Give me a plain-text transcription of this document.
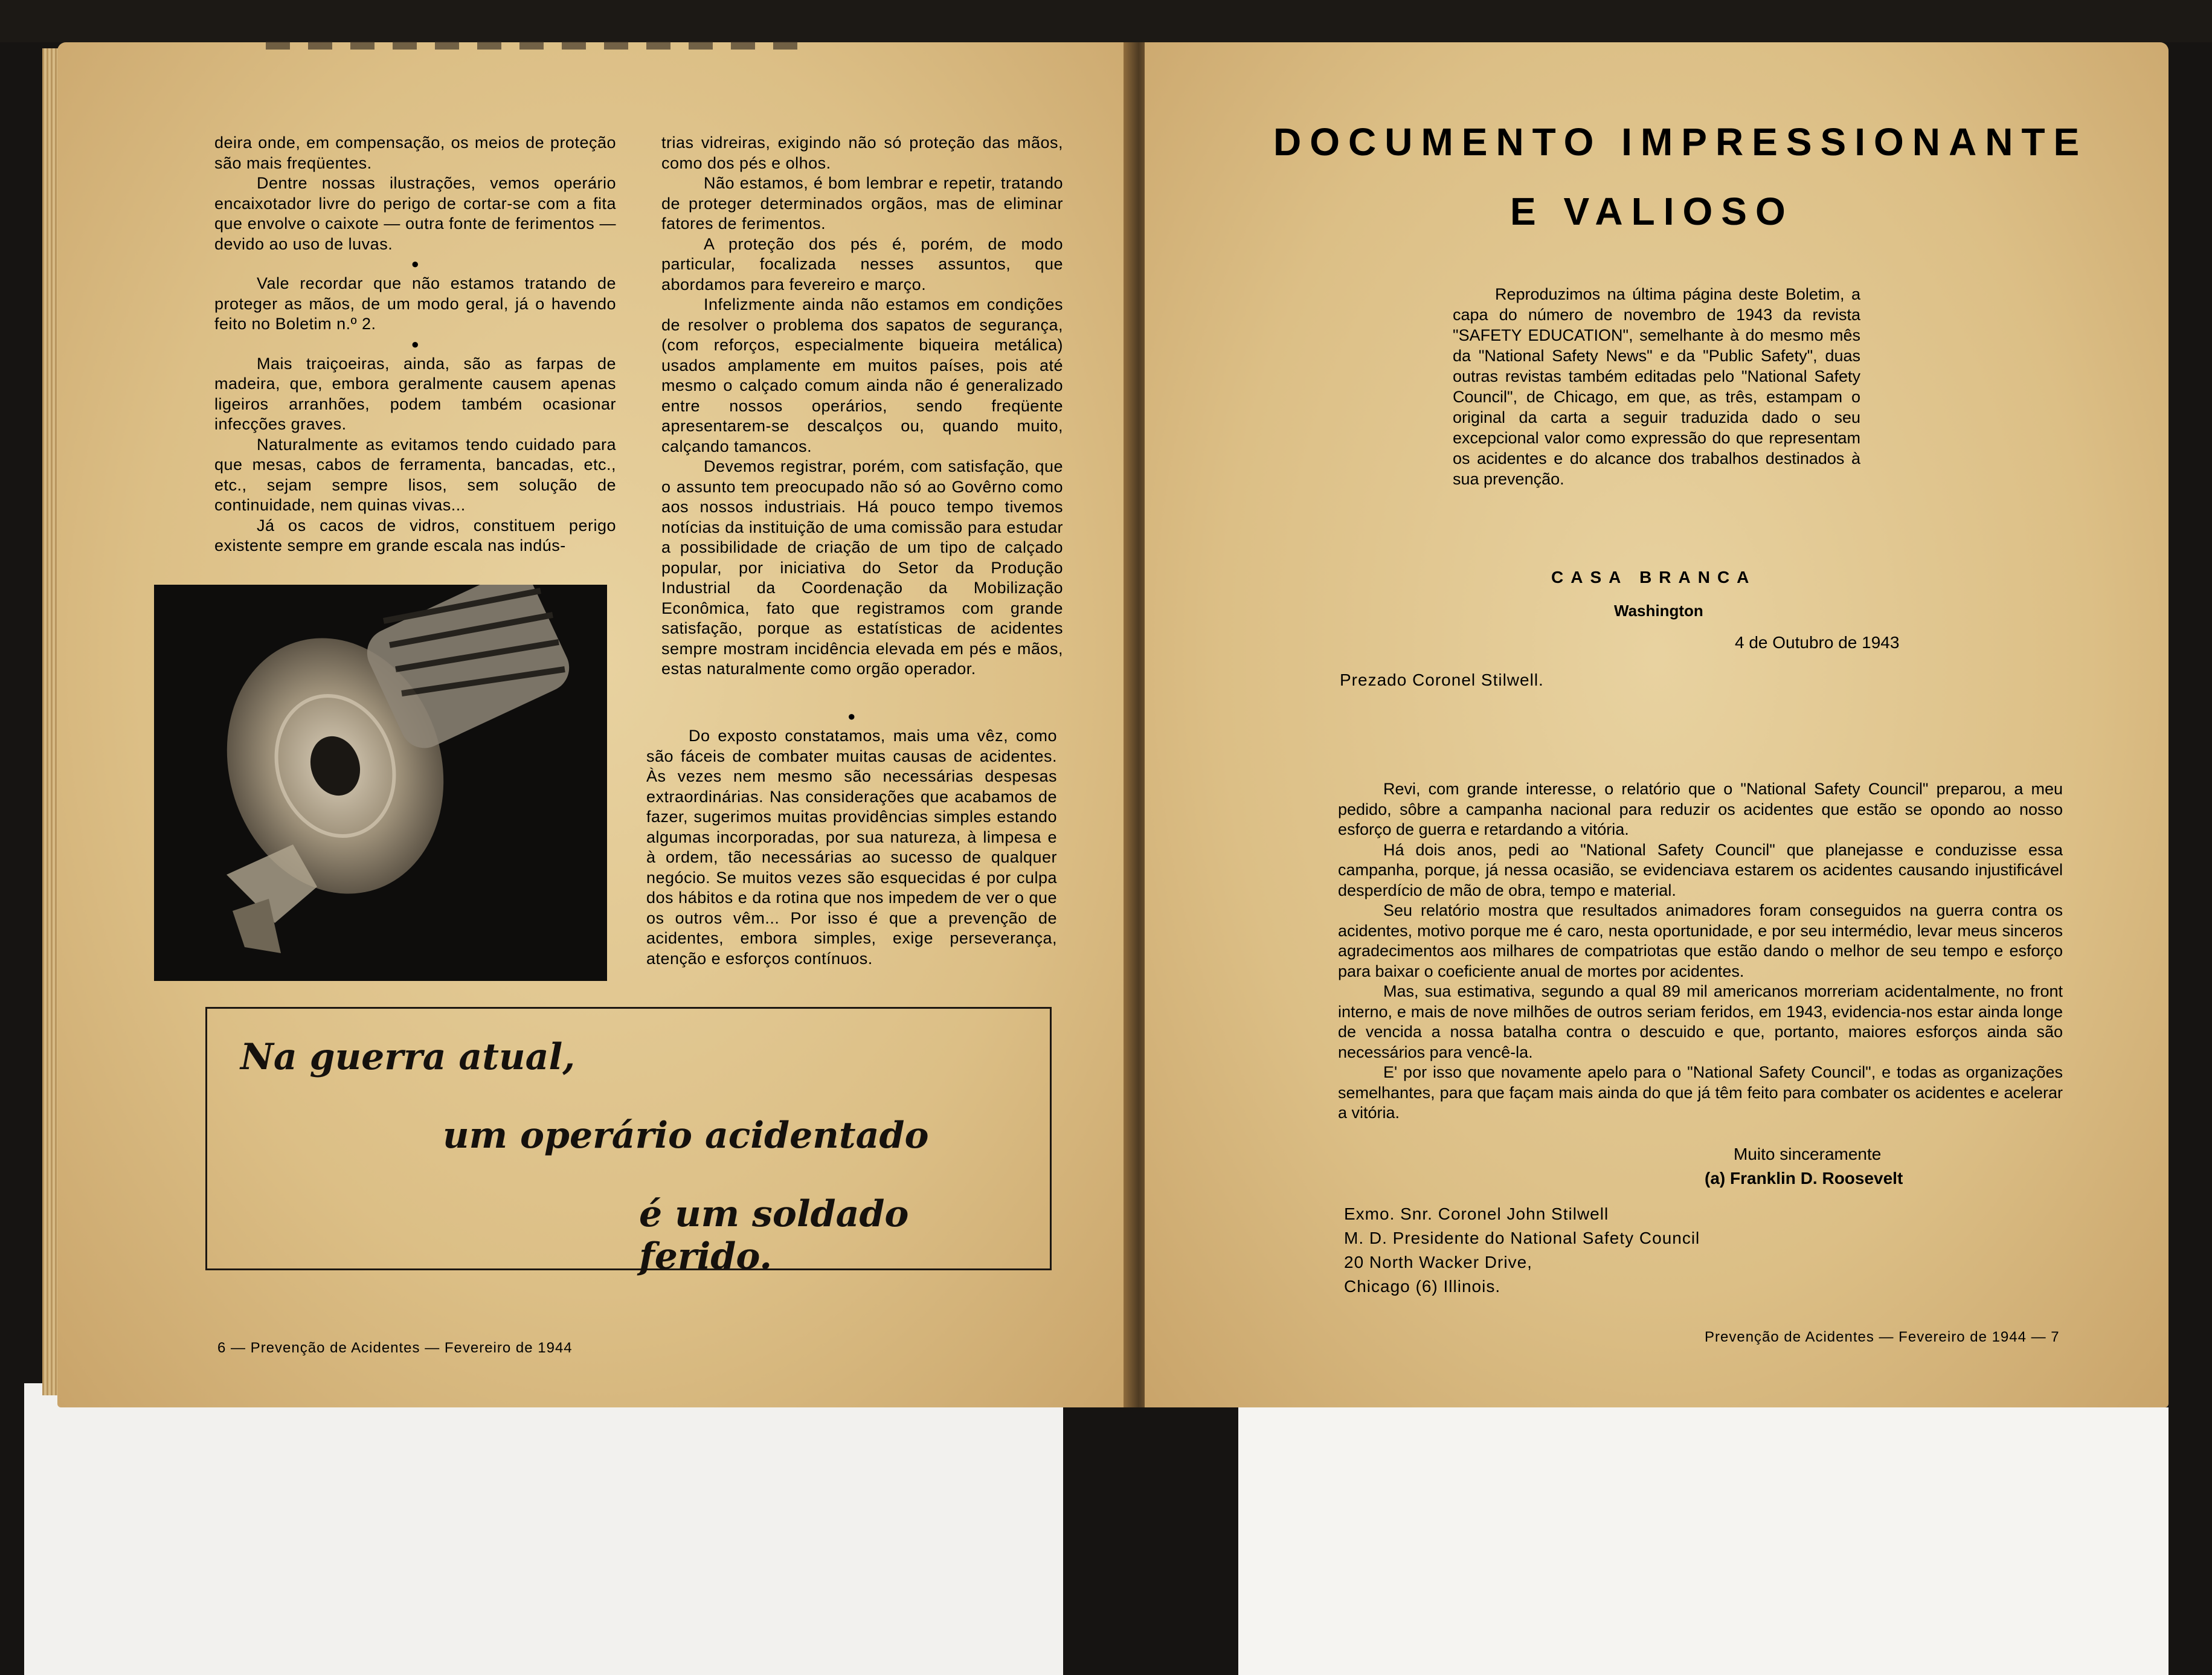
deira onde, em compensação, os meios de proteção são mais freqüentes.

Dentre nossas ilustrações, vemos operário encaixotador livre do perigo de cortar-se com a fita que envolve o caixote — outra fonte de ferimentos — devido ao uso de luvas.

●

Vale recordar que não estamos tratando de proteger as mãos, de um modo geral, já o havendo feito no Boletim n.º 2.

●

Mais traiçoeiras, ainda, são as farpas de madeira, que, embora geralmente causem apenas ligeiros arranhões, podem também ocasionar infecções graves.

Naturalmente as evitamos tendo cuidado para que mesas, cabos de ferramenta, bancadas, etc., etc., sejam sempre lisos, sem solução de continuidade, nem quinas vivas...

Já os cacos de vidros, constituem perigo existente sempre em grande escala nas indús-

trias vidreiras, exigindo não só proteção das mãos, como dos pés e olhos.

Não estamos, é bom lembrar e repetir, tratando de proteger determinados orgãos, mas de eliminar fatores de ferimentos.

A proteção dos pés é, porém, de modo particular, focalizada nesses assuntos, que abordamos para fevereiro e março.

Infelizmente ainda não estamos em condições de resolver o problema dos sapatos de segurança, (com reforços, especialmente biqueira metálica) usados amplamente em muitos países, pois até mesmo o calçado comum ainda não é generalizado entre nossos operários, sendo freqüente apresentarem-se descalços ou, quando muito, calçando tamancos.

Devemos registrar, porém, com satisfação, que o assunto tem preocupado não só ao Govêrno como aos nossos industriais. Há pouco tempo tivemos notícias da instituição de uma comissão para estudar a possibilidade de criação de um tipo de calçado popular, por iniciativa do Setor da Produção Industrial da Coordenação da Mobilização Econômica, fato que registramos com grande satisfação, porque as estatísticas de acidentes sempre mostram incidência elevada em pés e mãos, estas naturalmente como orgão operador.

●

Do exposto constatamos, mais uma vêz, como são fáceis de combater muitas causas de acidentes. Às vezes nem mesmo são necessárias despesas extraordinárias. Nas considerações que acabamos de fazer, sugerimos muitas providências simples estando algumas incorporadas, por sua natureza, à limpesa e à ordem, tão necessárias ao sucesso de qualquer negócio. Se muitos vezes são esquecidas é por culpa dos hábitos e da rotina que nos impedem de ver o que os outros vêm... Por isso é que a prevenção de acidentes, embora simples, exige perseverança, atenção e esforços contínuos.

Na guerra atual,
um operário acidentado
é um soldado ferido.
6 — Prevenção de Acidentes — Fevereiro de 1944
DOCUMENTO IMPRESSIONANTE
E VALIOSO

Reproduzimos na última página deste Boletim, a capa do número de novembro de 1943 da revista "SAFETY EDUCATION", semelhante à do mesmo mês da "National Safety News" e da "Public Safety", duas outras revistas também editadas pelo "National Safety Council", de Chicago, em que, as três, estampam o original da carta a seguir traduzida dado o seu excepcional valor como expressão do que representam os acidentes e do alcance dos trabalhos destinados à sua prevenção.

CASA BRANCA
Washington
4 de Outubro de 1943
Prezado Coronel Stilwell.

Revi, com grande interesse, o relatório que o "National Safety Council" preparou, a meu pedido, sôbre a campanha nacional para reduzir os acidentes que estão se opondo ao nosso esforço de guerra e retardando a vitória.

Há dois anos, pedi ao "National Safety Council" que planejasse e conduzisse essa campanha, porque, já nessa ocasião, se evidenciava estarem os acidentes causando injustificável desperdício de mão de obra, tempo e material.

Seu relatório mostra que resultados animadores foram conseguidos na guerra contra os acidentes, motivo porque me é caro, nesta oportunidade, e por seu intermédio, levar meus sinceros agradecimentos aos milhares de compatriotas que estão dando o melhor de seu tempo e esforço para baixar o coeficiente anual de mortes por acidentes.

Mas, sua estimativa, segundo a qual 89 mil americanos morreriam acidentalmente, no front interno, e mais de nove milhões de outros seriam feridos, em 1943, evidencia-nos estar ainda longe de vencida a nossa batalha contra o descuido e que, portanto, maiores esforços ainda são necessários para vencê-la.

E' por isso que novamente apelo para o "National Safety Council", e todas as organizações semelhantes, para que façam mais ainda do que já têm feito para combater os acidentes e acelerar a vitória.

Muito sinceramente
(a) Franklin D. Roosevelt
Exmo. Snr. Coronel John Stilwell
M. D. Presidente do National Safety Council
20 North Wacker Drive,
Chicago (6) Illinois.
Prevenção de Acidentes — Fevereiro de 1944 — 7
